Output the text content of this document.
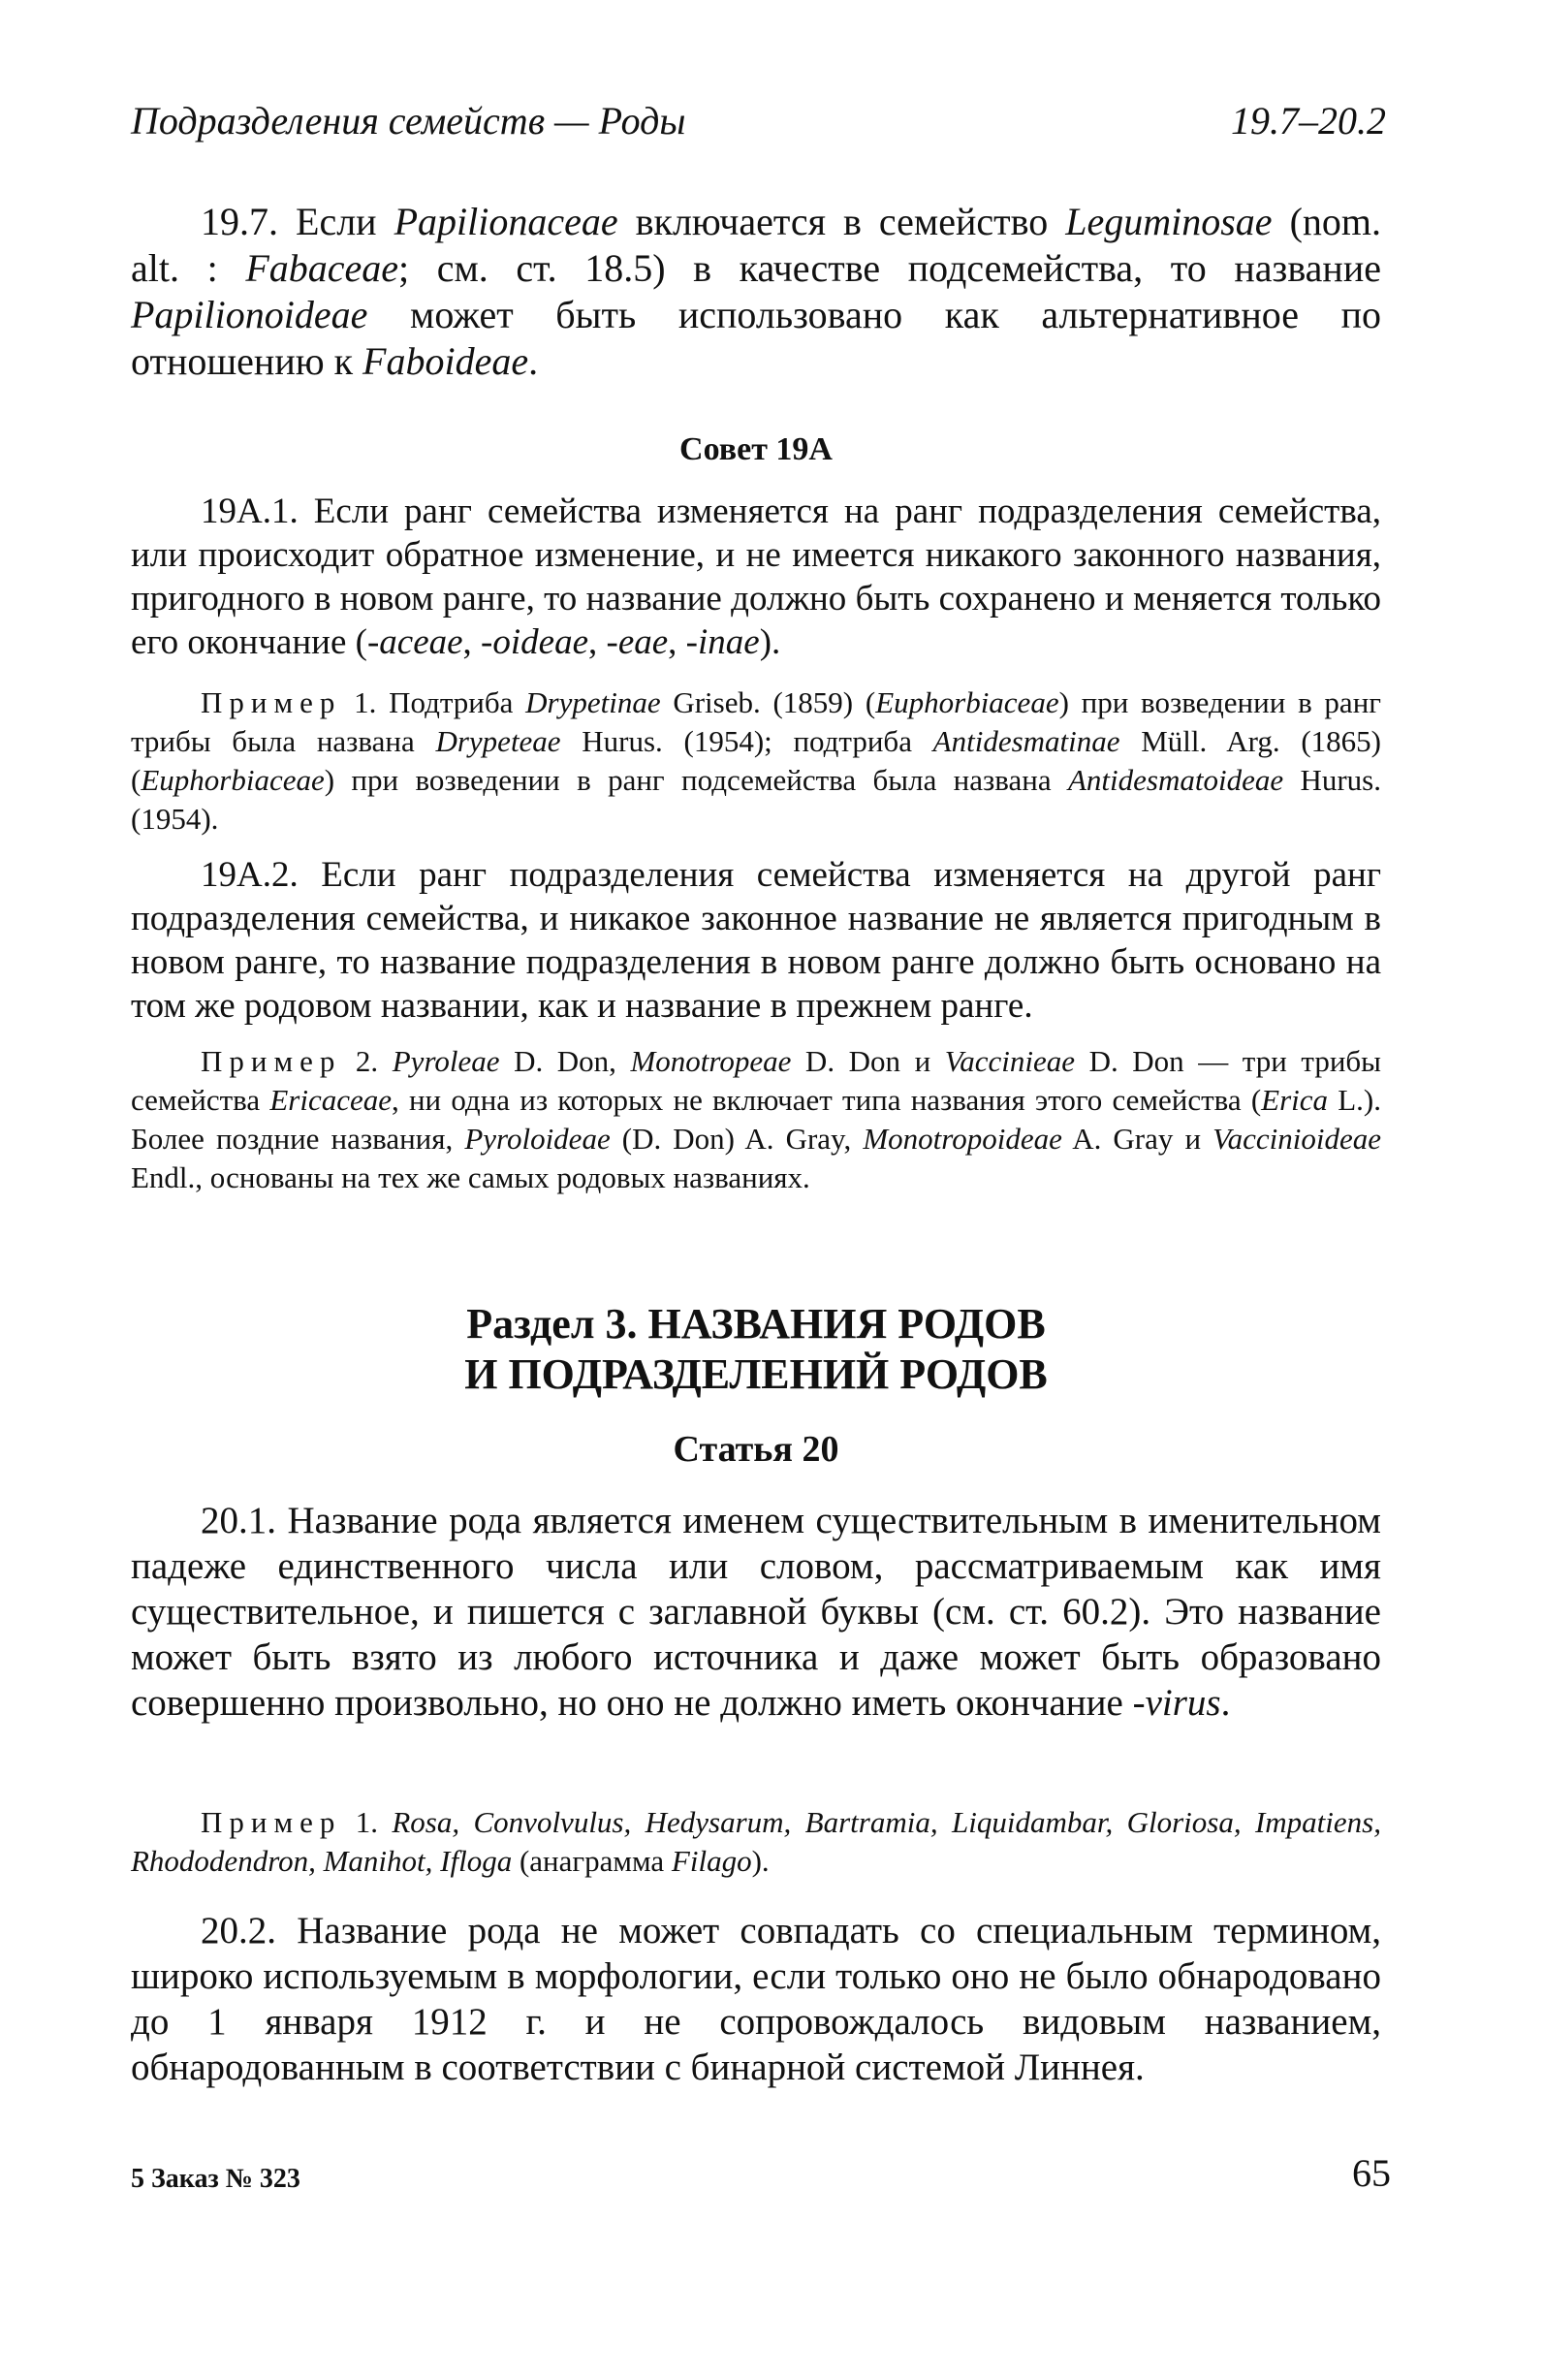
Подразделения семейств — Роды	19.7–20.2

19.7. Если Papilionaceae включается в семейство Leguminosae (nom. alt. : Fabaceae; см. ст. 18.5) в качестве подсемейства, то название Papilionoideae может быть использовано как альтернативное по отношению к Faboideae.

Совет 19А

19А.1. Если ранг семейства изменяется на ранг подразделения семейства, или происходит обратное изменение, и не имеется никакого законного названия, пригодного в новом ранге, то название должно быть сохранено и меняется только его окончание (-aceae, -oideae, -eae, -inae).

Пример 1. Подтриба Drypetinae Griseb. (1859) (Euphorbiaceae) при возведении в ранг трибы была названа Drypeteae Hurus. (1954); подтриба Antidesmatinae Müll. Arg. (1865) (Euphorbiaceae) при возведении в ранг подсемейства была названа Antidesmatoideae Hurus. (1954).

19А.2. Если ранг подразделения семейства изменяется на другой ранг подразделения семейства, и никакое законное название не является пригодным в новом ранге, то название подразделения в новом ранге должно быть основано на том же родовом названии, как и название в прежнем ранге.

Пример 2. Pyroleae D. Don, Monotropeae D. Don и Vaccinieae D. Don — три трибы семейства Ericaceae, ни одна из которых не включает типа названия этого семейства (Erica L.). Более поздние названия, Pyroloideae (D. Don) A. Gray, Monotropoideae A. Gray и Vaccinioideae Endl., основаны на тех же самых родовых названиях.

Раздел 3. НАЗВАНИЯ РОДОВ
И ПОДРАЗДЕЛЕНИЙ РОДОВ
Статья 20

20.1. Название рода является именем существительным в именительном падеже единственного числа или словом, рассматриваемым как имя существительное, и пишется с заглавной буквы (см. ст. 60.2). Это название может быть взято из любого источника и даже может быть образовано совершенно произвольно, но оно не должно иметь окончание -virus.

Пример 1. Rosa, Convolvulus, Hedysarum, Bartramia, Liquidambar, Gloriosa, Impatiens, Rhododendron, Manihot, Ifloga (анаграмма Filago).

20.2. Название рода не может совпадать со специальным термином, широко используемым в морфологии, если только оно не было обнародовано до 1 января 1912 г. и не сопровождалось видовым названием, обнародованным в соответствии с бинарной системой Линнея.

5 Заказ № 323	65
